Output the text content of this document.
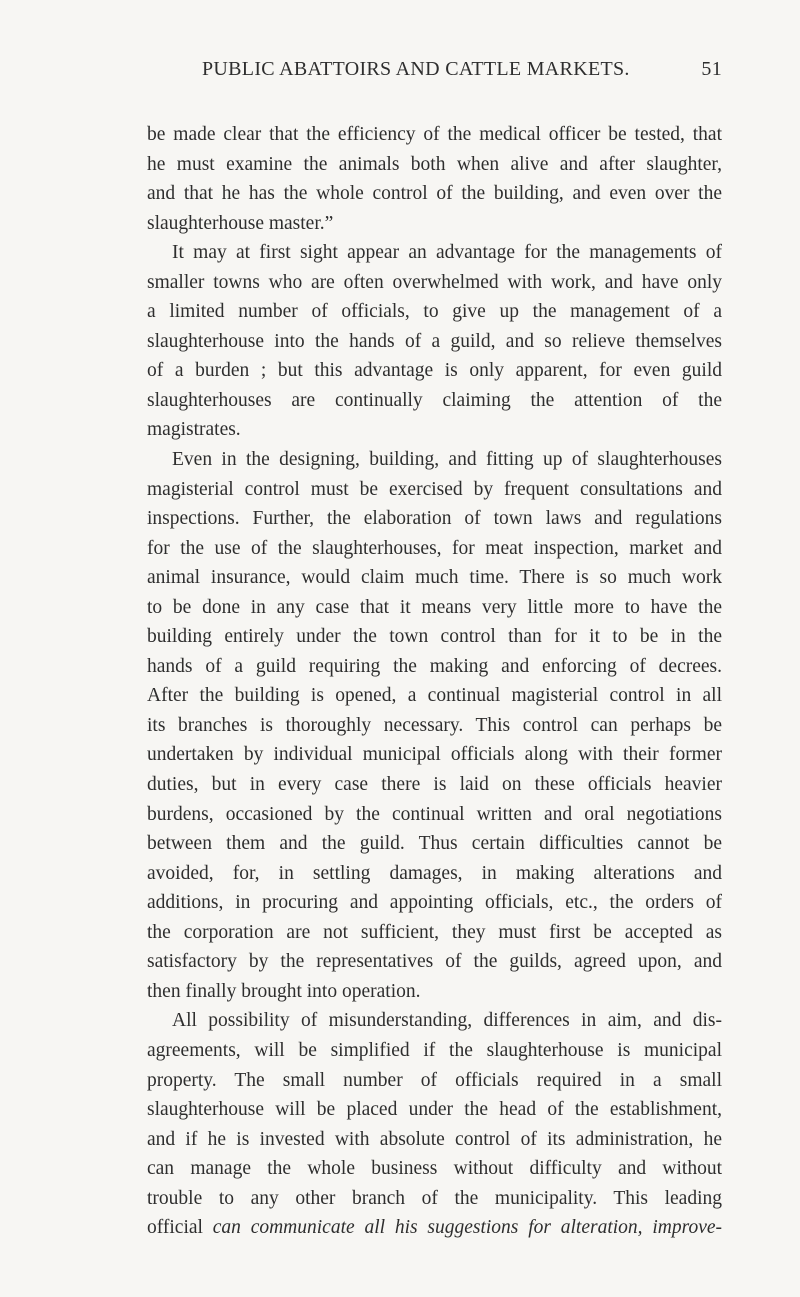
PUBLIC ABATTOIRS AND CATTLE MARKETS.	51
be made clear that the efficiency of the medical officer be tested, that
he must examine the animals both when alive and after slaughter,
and that he has the whole control of the building, and even over the
slaughterhouse master.”
It may at first sight appear an advantage for the managements of
smaller towns who are often overwhelmed with work, and have only
a limited number of officials, to give up the management of a
slaughterhouse into the hands of a guild, and so relieve themselves
of a burden ; but this advantage is only apparent, for even guild
slaughterhouses are continually claiming the attention of the
magistrates.
Even in the designing, building, and fitting up of slaughterhouses
magisterial control must be exercised by frequent consultations and
inspections. Further, the elaboration of town laws and regulations
for the use of the slaughterhouses, for meat inspection, market and
animal insurance, would claim much time. There is so much work
to be done in any case that it means very little more to have the
building entirely under the town control than for it to be in the
hands of a guild requiring the making and enforcing of decrees.
After the building is opened, a continual magisterial control in all
its branches is thoroughly necessary. This control can perhaps be
undertaken by individual municipal officials along with their former
duties, but in every case there is laid on these officials heavier
burdens, occasioned by the continual written and oral negotiations
between them and the guild. Thus certain difficulties cannot be
avoided, for, in settling damages, in making alterations and
additions, in procuring and appointing officials, etc., the orders of
the corporation are not sufficient, they must first be accepted as
satisfactory by the representatives of the guilds, agreed upon, and
then finally brought into operation.
All possibility of misunderstanding, differences in aim, and dis-
agreements, will be simplified if the slaughterhouse is municipal
property. The small number of officials required in a small
slaughterhouse will be placed under the head of the establishment,
and if he is invested with absolute control of its administration, he
can manage the whole business without difficulty and without
trouble to any other branch of the municipality. This leading
official can communicate all his suggestions for alteration, improve-
